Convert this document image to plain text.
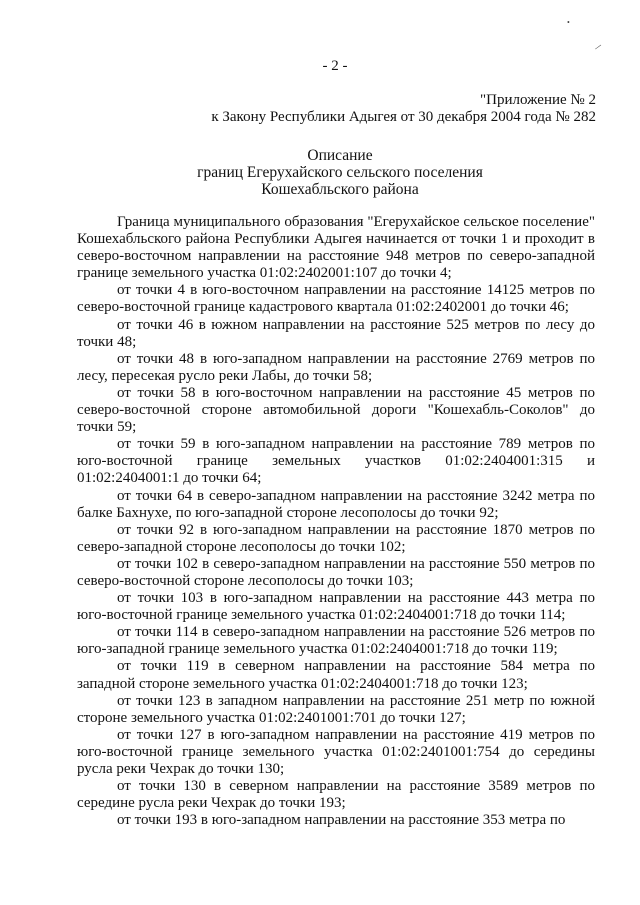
•
/
- 2 -
"Приложение № 2
к Закону Республики Адыгея от 30 декабря 2004 года № 282
Описание
границ Егерухайского сельского поселения
Кошехабльского района

Граница муниципального образования "Егерухайское сельское поселение" Кошехабльского района Республики Адыгея начинается от точки 1 и проходит в северо-восточном направлении на расстояние 948 метров по северо-западной границе земельного участка 01:02:2402001:107 до точки 4;

от точки 4 в юго-восточном направлении на расстояние 14125 метров по северо-восточной границе кадастрового квартала 01:02:2402001 до точки 46;

от точки 46 в южном направлении на расстояние 525 метров по лесу до точки 48;

от точки 48 в юго-западном направлении на расстояние 2769 метров по лесу, пересекая русло реки Лабы, до точки 58;

от точки 58 в юго-восточном направлении на расстояние 45 метров по северо-восточной стороне автомобильной дороги "Кошехабль-Соколов" до точки 59;

от точки 59 в юго-западном направлении на расстояние 789 метров по юго-восточной границе земельных участков 01:02:2404001:315 и 01:02:2404001:1 до точки 64;

от точки 64 в северо-западном направлении на расстояние 3242 метра по балке Бахнухе, по юго-западной стороне лесополосы до точки 92;

от точки 92 в юго-западном направлении на расстояние 1870 метров по северо-западной стороне лесополосы до точки 102;

от точки 102 в северо-западном направлении на расстояние 550 метров по северо-восточной стороне лесополосы до точки 103;

от точки 103 в юго-западном направлении на расстояние 443 метра по юго-восточной границе земельного участка 01:02:2404001:718 до точки 114;

от точки 114 в северо-западном направлении на расстояние 526 метров по юго-западной границе земельного участка 01:02:2404001:718 до точки 119;

от точки 119 в северном направлении на расстояние 584 метра по западной стороне земельного участка 01:02:2404001:718 до точки 123;

от точки 123 в западном направлении на расстояние 251 метр по южной стороне земельного участка 01:02:2401001:701 до точки 127;

от точки 127 в юго-западном направлении на расстояние 419 метров по юго-восточной границе земельного участка 01:02:2401001:754 до середины русла реки Чехрак до точки 130;

от точки 130 в северном направлении на расстояние 3589 метров по середине русла реки Чехрак до точки 193;

от точки 193 в юго-западном направлении на расстояние 353 метра по
